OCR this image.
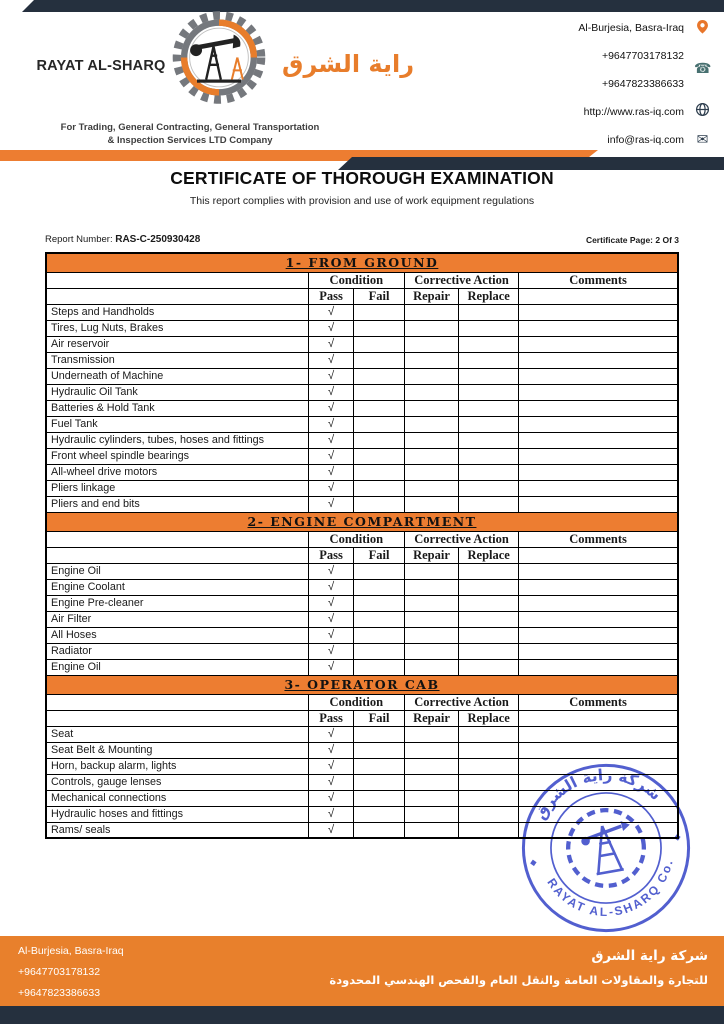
RAYAT AL-SHARQ	راية الشرق
For Trading, General Contracting, General Transportation
& Inspection Services LTD Company
Al-Burjesia, Basra-Iraq
+9647703178132
+9647823386633
http://www.ras-iq.com
info@ras-iq.com
☎
✉
CERTIFICATE OF THOROUGH EXAMINATION
This report complies with provision and use of work equipment regulations
Report Number: RAS-C-250930428	Certificate Page: 2 Of 3
1- FROM GROUND					
	Condition		Corrective Action		Comments
	Pass	Fail	Repair	Replace	
Steps and Handholds	√				
Tires, Lug Nuts, Brakes	√				
Air reservoir	√				
Transmission	√				
Underneath of Machine	√				
Hydraulic Oil Tank	√				
Batteries & Hold Tank	√				
Fuel Tank	√				
Hydraulic cylinders, tubes, hoses and fittings	√				
Front wheel spindle bearings	√				
All-wheel drive motors	√				
Pliers linkage	√				
Pliers and end bits	√				
2- ENGINE COMPARTMENT					
	Condition		Corrective Action		Comments
	Pass	Fail	Repair	Replace	
Engine Oil	√				
Engine Coolant	√				
Engine Pre-cleaner	√				
Air Filter	√				
All Hoses	√				
Radiator	√				
Engine Oil	√				
3- OPERATOR CAB					
	Condition		Corrective Action		Comments
	Pass	Fail	Repair	Replace	
Seat	√				
Seat Belt & Mounting	√				
Horn, backup alarm, lights	√				
Controls, gauge lenses	√				
Mechanical connections	√				
Hydraulic hoses and fittings	√				
Rams/ seals	√				
شركة راية الشرق
RAYAT AL-SHARQ Co.
◆
◆
Al-Burjesia, Basra-Iraq
+9647703178132
+9647823386633
شركة راية الشرق
للتجارة والمقاولات العامة والنقل العام والفحص الهندسي المحدودة
